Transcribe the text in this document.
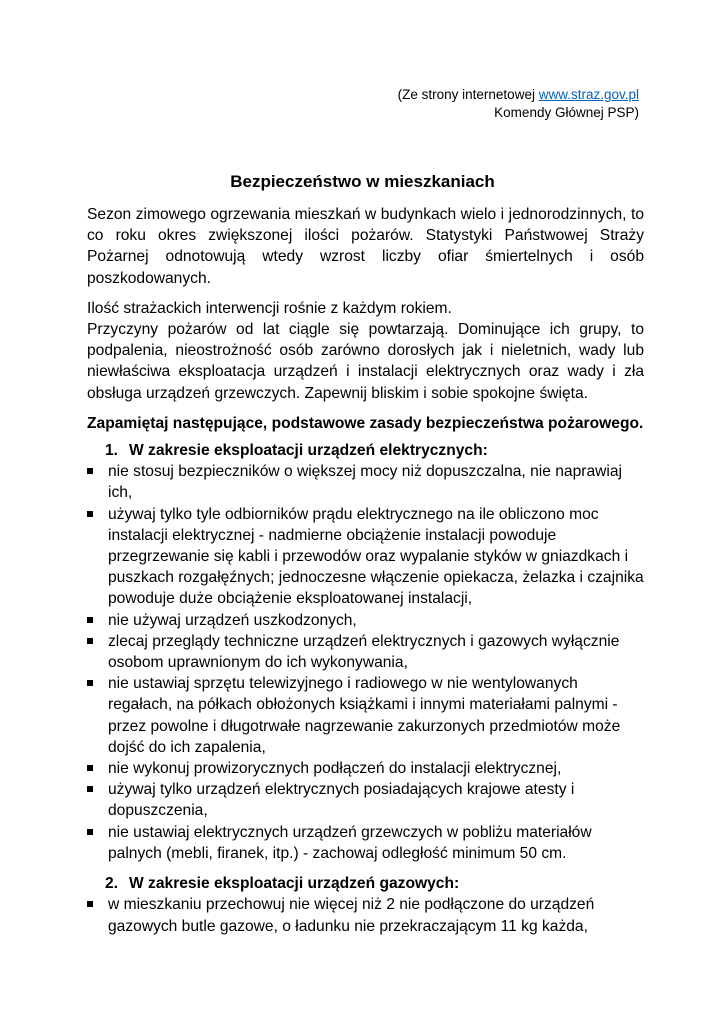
(Ze strony internetowej www.straz.gov.pl
Komendy Głównej PSP)
Bezpieczeństwo w mieszkaniach

Sezon zimowego ogrzewania mieszkań w budynkach wielo i jednorodzinnych, to co roku okres zwiększonej ilości pożarów. Statystyki Państwowej Straży Pożarnej odnotowują wtedy wzrost liczby ofiar śmiertelnych i osób poszkodowanych.

Ilość strażackich interwencji rośnie z każdym rokiem.
Przyczyny pożarów od lat ciągle się powtarzają. Dominujące ich grupy, to podpalenia, nieostrożność osób zarówno dorosłych jak i nieletnich, wady lub niewłaściwa eksploatacja urządzeń i instalacji elektrycznych oraz wady i zła obsługa urządzeń grzewczych. Zapewnij bliskim i sobie spokojne święta.

Zapamiętaj następujące, podstawowe zasady bezpieczeństwa pożarowego.

1. W zakresie eksploatacji urządzeń elektrycznych:

nie stosuj bezpieczników o większej mocy niż dopuszczalna, nie naprawiaj ich,
używaj tylko tyle odbiorników prądu elektrycznego na ile obliczono moc instalacji elektrycznej - nadmierne obciążenie instalacji powoduje przegrzewanie się kabli i przewodów oraz wypalanie styków w gniazdkach i puszkach rozgałęźnych; jednoczesne włączenie opiekacza, żelazka i czajnika powoduje duże obciążenie eksploatowanej instalacji,
nie używaj urządzeń uszkodzonych,
zlecaj przeglądy techniczne urządzeń elektrycznych i gazowych wyłącznie osobom uprawnionym do ich wykonywania,
nie ustawiaj sprzętu telewizyjnego i radiowego w nie wentylowanych regałach, na półkach obłożonych książkami i innymi materiałami palnymi - przez powolne i długotrwałe nagrzewanie zakurzonych przedmiotów może dojść do ich zapalenia,
nie wykonuj prowizorycznych podłączeń do instalacji elektrycznej,
używaj tylko urządzeń elektrycznych posiadających krajowe atesty i dopuszczenia,
nie ustawiaj elektrycznych urządzeń grzewczych w pobliżu materiałów palnych (mebli, firanek, itp.) - zachowaj odległość minimum 50 cm.

2. W zakresie eksploatacji urządzeń gazowych:

w mieszkaniu przechowuj nie więcej niż 2 nie podłączone do urządzeń gazowych butle gazowe, o ładunku nie przekraczającym 11 kg każda,
